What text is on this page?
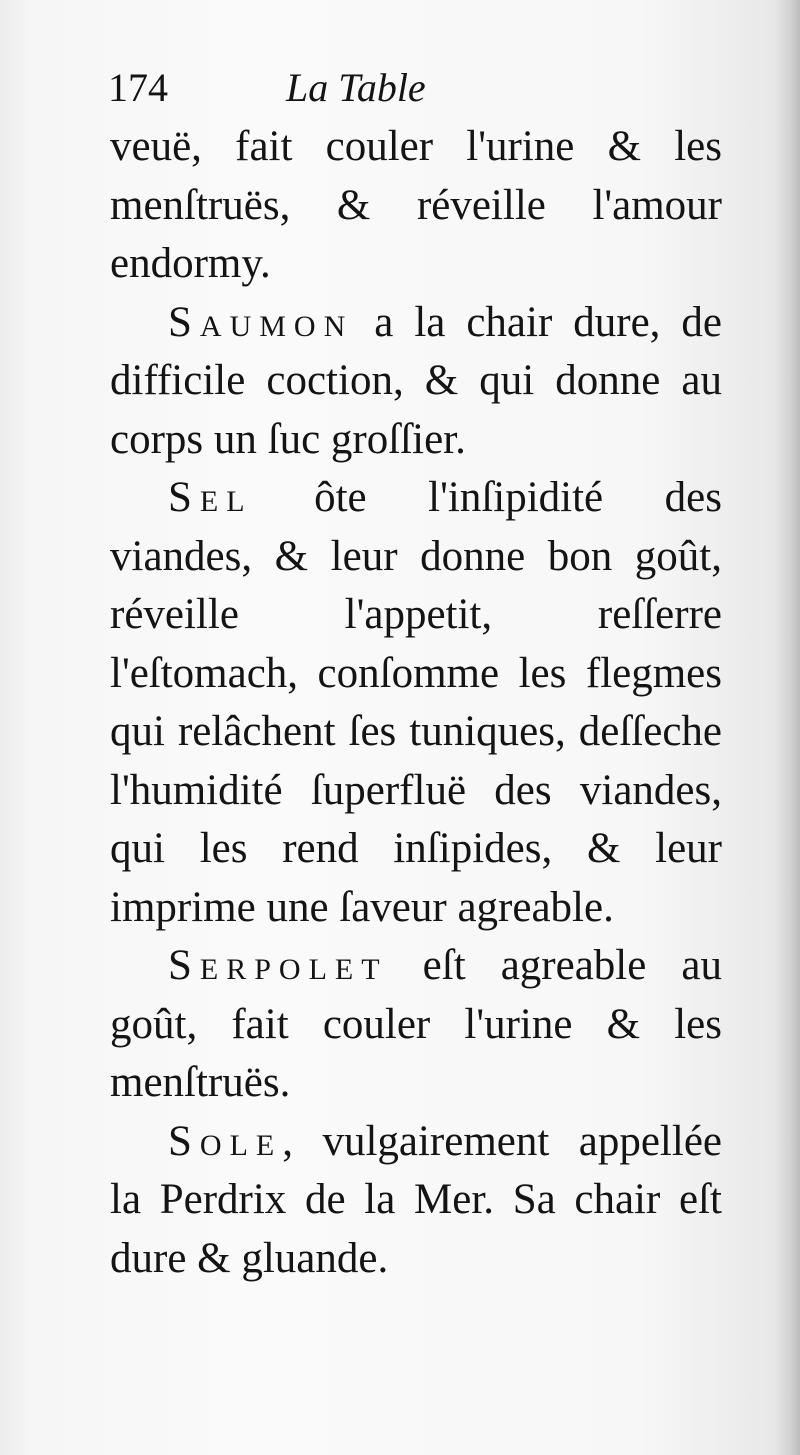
174	La Table

veuë, fait couler l'urine & les menſtruës, & réveille l'amour endormy.

Saumon a la chair dure, de difficile coction, & qui donne au corps un ſuc groſſier.

Sel ôte l'inſipidité des viandes, & leur donne bon goût, réveille l'appetit, reſſerre l'eſtomach, conſomme les flegmes qui relâchent ſes tuniques, deſſeche l'humidité ſuperfluë des viandes, qui les rend inſipides, & leur imprime une ſaveur agreable.

Serpolet eſt agreable au goût, fait couler l'urine & les menſtruës.

Sole, vulgairement appellée la Perdrix de la Mer. Sa chair eſt dure & gluande.
